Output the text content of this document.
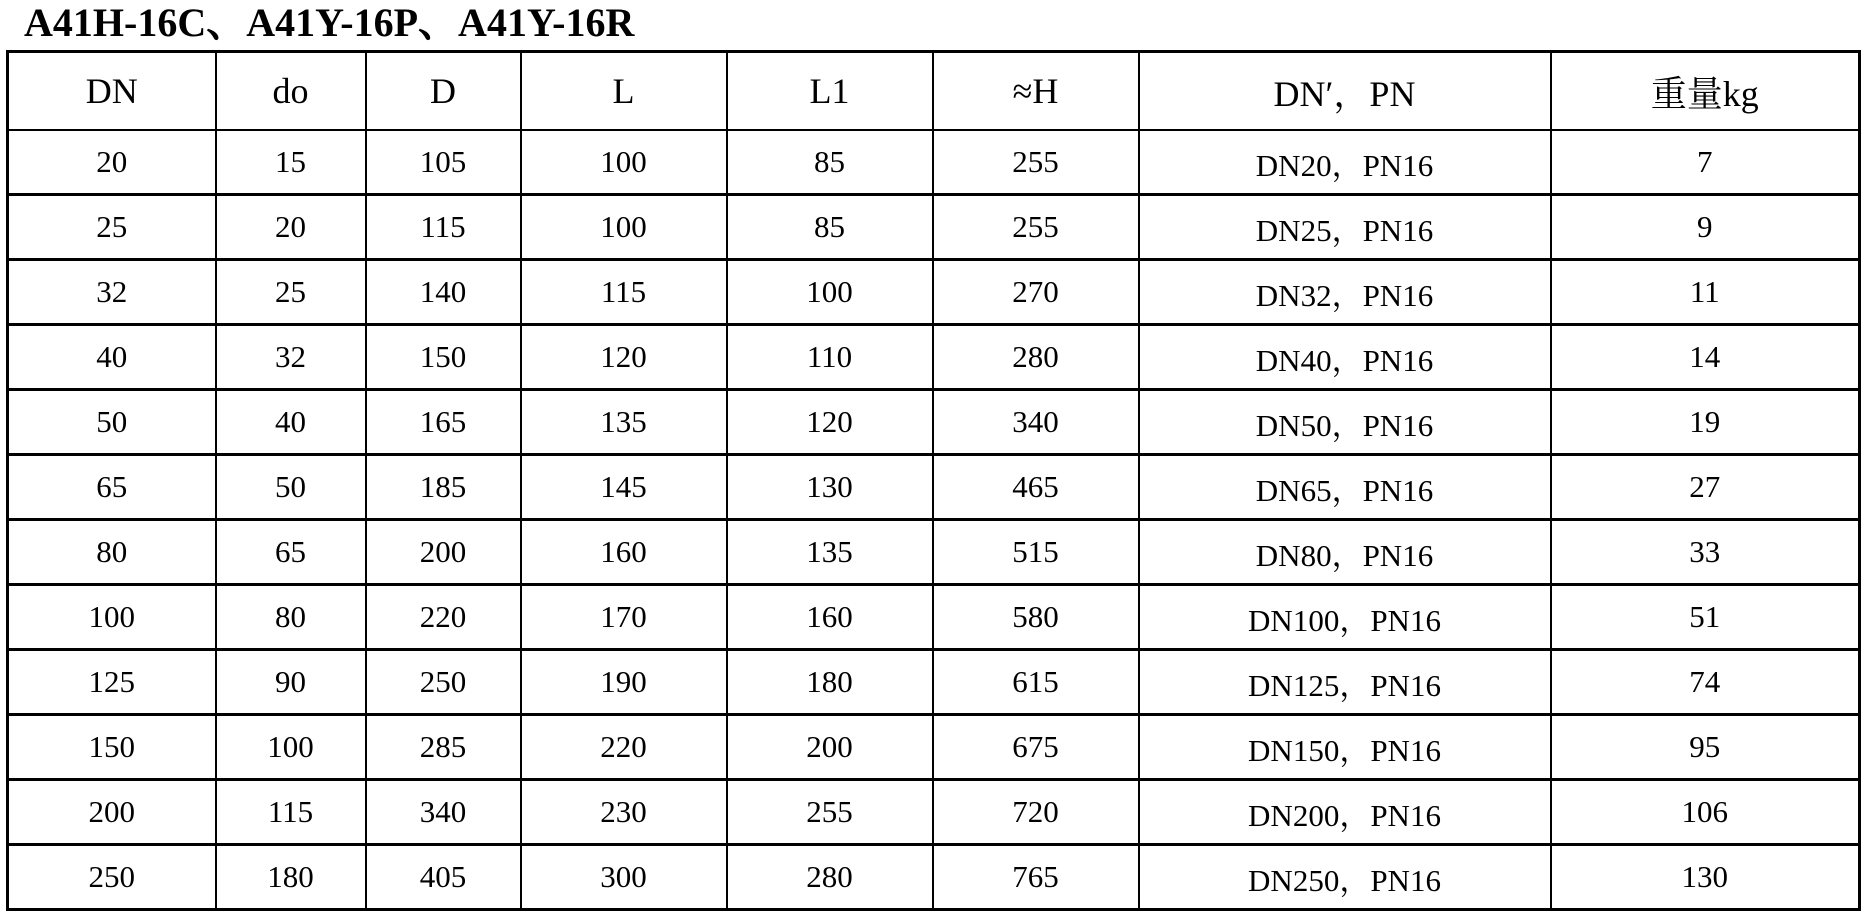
A41H-16C、A41Y-16P、A41Y-16R
DN	do	D	L	L1	≈H	DN′，PN	重量kg
20	15	105	100	85	255	DN20，PN16	7
25	20	115	100	85	255	DN25，PN16	9
32	25	140	115	100	270	DN32，PN16	11
40	32	150	120	110	280	DN40，PN16	14
50	40	165	135	120	340	DN50，PN16	19
65	50	185	145	130	465	DN65，PN16	27
80	65	200	160	135	515	DN80，PN16	33
100	80	220	170	160	580	DN100，PN16	51
125	90	250	190	180	615	DN125，PN16	74
150	100	285	220	200	675	DN150，PN16	95
200	115	340	230	255	720	DN200，PN16	106
250	180	405	300	280	765	DN250，PN16	130
